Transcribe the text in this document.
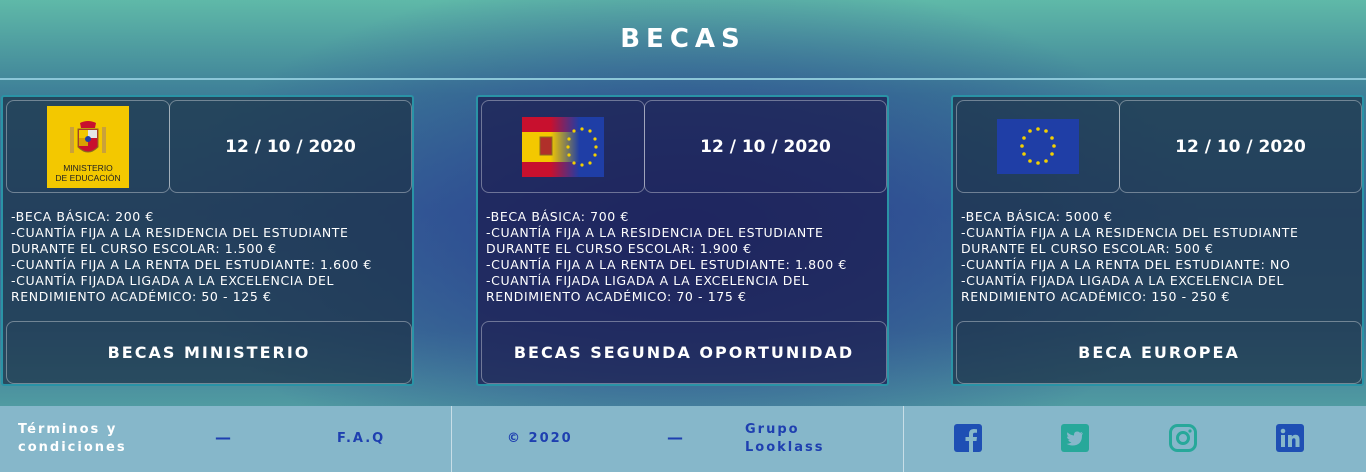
BECAS
MINISTERIO
DE EDUCACIÓN
12 / 10 / 2020
-BECA BÁSICA: 200 €
-CUANTÍA FIJA A LA RESIDENCIA DEL ESTUDIANTE
DURANTE EL CURSO ESCOLAR: 1.500 €
-CUANTÍA FIJA A LA RENTA DEL ESTUDIANTE: 1.600 €
-CUANTÍA FIJADA LIGADA A LA EXCELENCIA DEL
RENDIMIENTO ACADÉMICO: 50 - 125 €
BECAS MINISTERIO
12 / 10 / 2020
-BECA BÁSICA: 700 €
-CUANTÍA FIJA A LA RESIDENCIA DEL ESTUDIANTE
DURANTE EL CURSO ESCOLAR: 1.900 €
-CUANTÍA FIJA A LA RENTA DEL ESTUDIANTE: 1.800 €
-CUANTÍA FIJADA LIGADA A LA EXCELENCIA DEL
RENDIMIENTO ACADÉMICO: 70 - 175 €
BECAS SEGUNDA OPORTUNIDAD
12 / 10 / 2020
-BECA BÁSICA: 5000 €
-CUANTÍA FIJA A LA RESIDENCIA DEL ESTUDIANTE
DURANTE EL CURSO ESCOLAR: 500 €
-CUANTÍA FIJA A LA RENTA DEL ESTUDIANTE: NO
-CUANTÍA FIJADA LIGADA A LA EXCELENCIA DEL
RENDIMIENTO ACADÉMICO: 150 - 250 €
BECA EUROPEA
Términos y
condiciones
—	F.A.Q	© 2020	—	Grupo
Looklass
